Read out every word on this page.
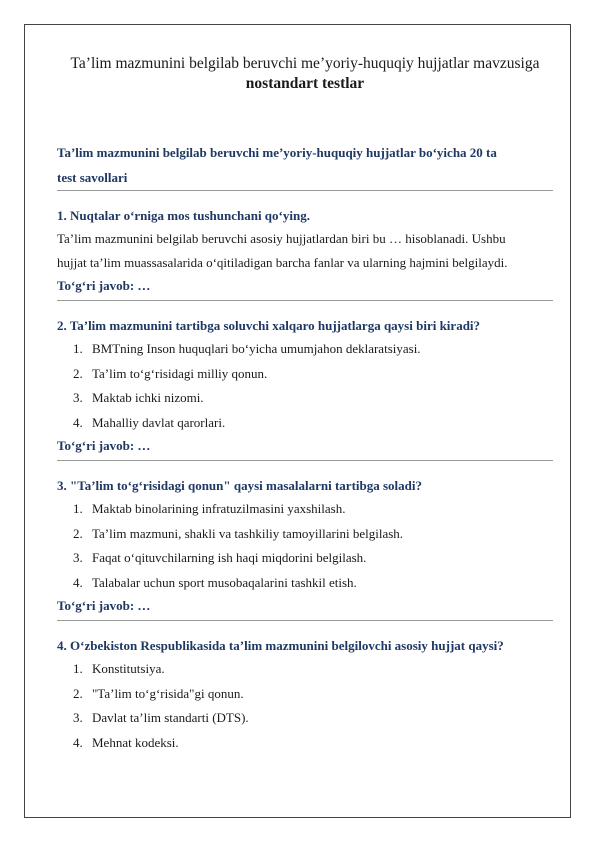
Ta’lim mazmunini belgilab beruvchi me’yoriy-huquqiy hujjatlar mavzusiga
nostandart testlar
Ta’lim mazmunini belgilab beruvchi me’yoriy-huquqiy hujjatlar bo‘yicha 20 ta
test savollari
1. Nuqtalar o‘rniga mos tushunchani qo‘ying.
Ta’lim mazmunini belgilab beruvchi asosiy hujjatlardan biri bu … hisoblanadi. Ushbu
hujjat ta’lim muassasalarida o‘qitiladigan barcha fanlar va ularning hajmini belgilaydi.
To‘g‘ri javob: …
2. Ta’lim mazmunini tartibga soluvchi xalqaro hujjatlarga qaysi biri kiradi?
1. BMTning Inson huquqlari bo‘yicha umumjahon deklaratsiyasi.
2. Ta’lim to‘g‘risidagi milliy qonun.
3. Maktab ichki nizomi.
4. Mahalliy davlat qarorlari.
To‘g‘ri javob: …
3. "Ta’lim to‘g‘risidagi qonun" qaysi masalalarni tartibga soladi?
1. Maktab binolarining infratuzilmasini yaxshilash.
2. Ta’lim mazmuni, shakli va tashkiliy tamoyillarini belgilash.
3. Faqat o‘qituvchilarning ish haqi miqdorini belgilash.
4. Talabalar uchun sport musobaqalarini tashkil etish.
To‘g‘ri javob: …
4. O‘zbekiston Respublikasida ta’lim mazmunini belgilovchi asosiy hujjat qaysi?
1. Konstitutsiya.
2. "Ta’lim to‘g‘risida"gi qonun.
3. Davlat ta’lim standarti (DTS).
4. Mehnat kodeksi.
